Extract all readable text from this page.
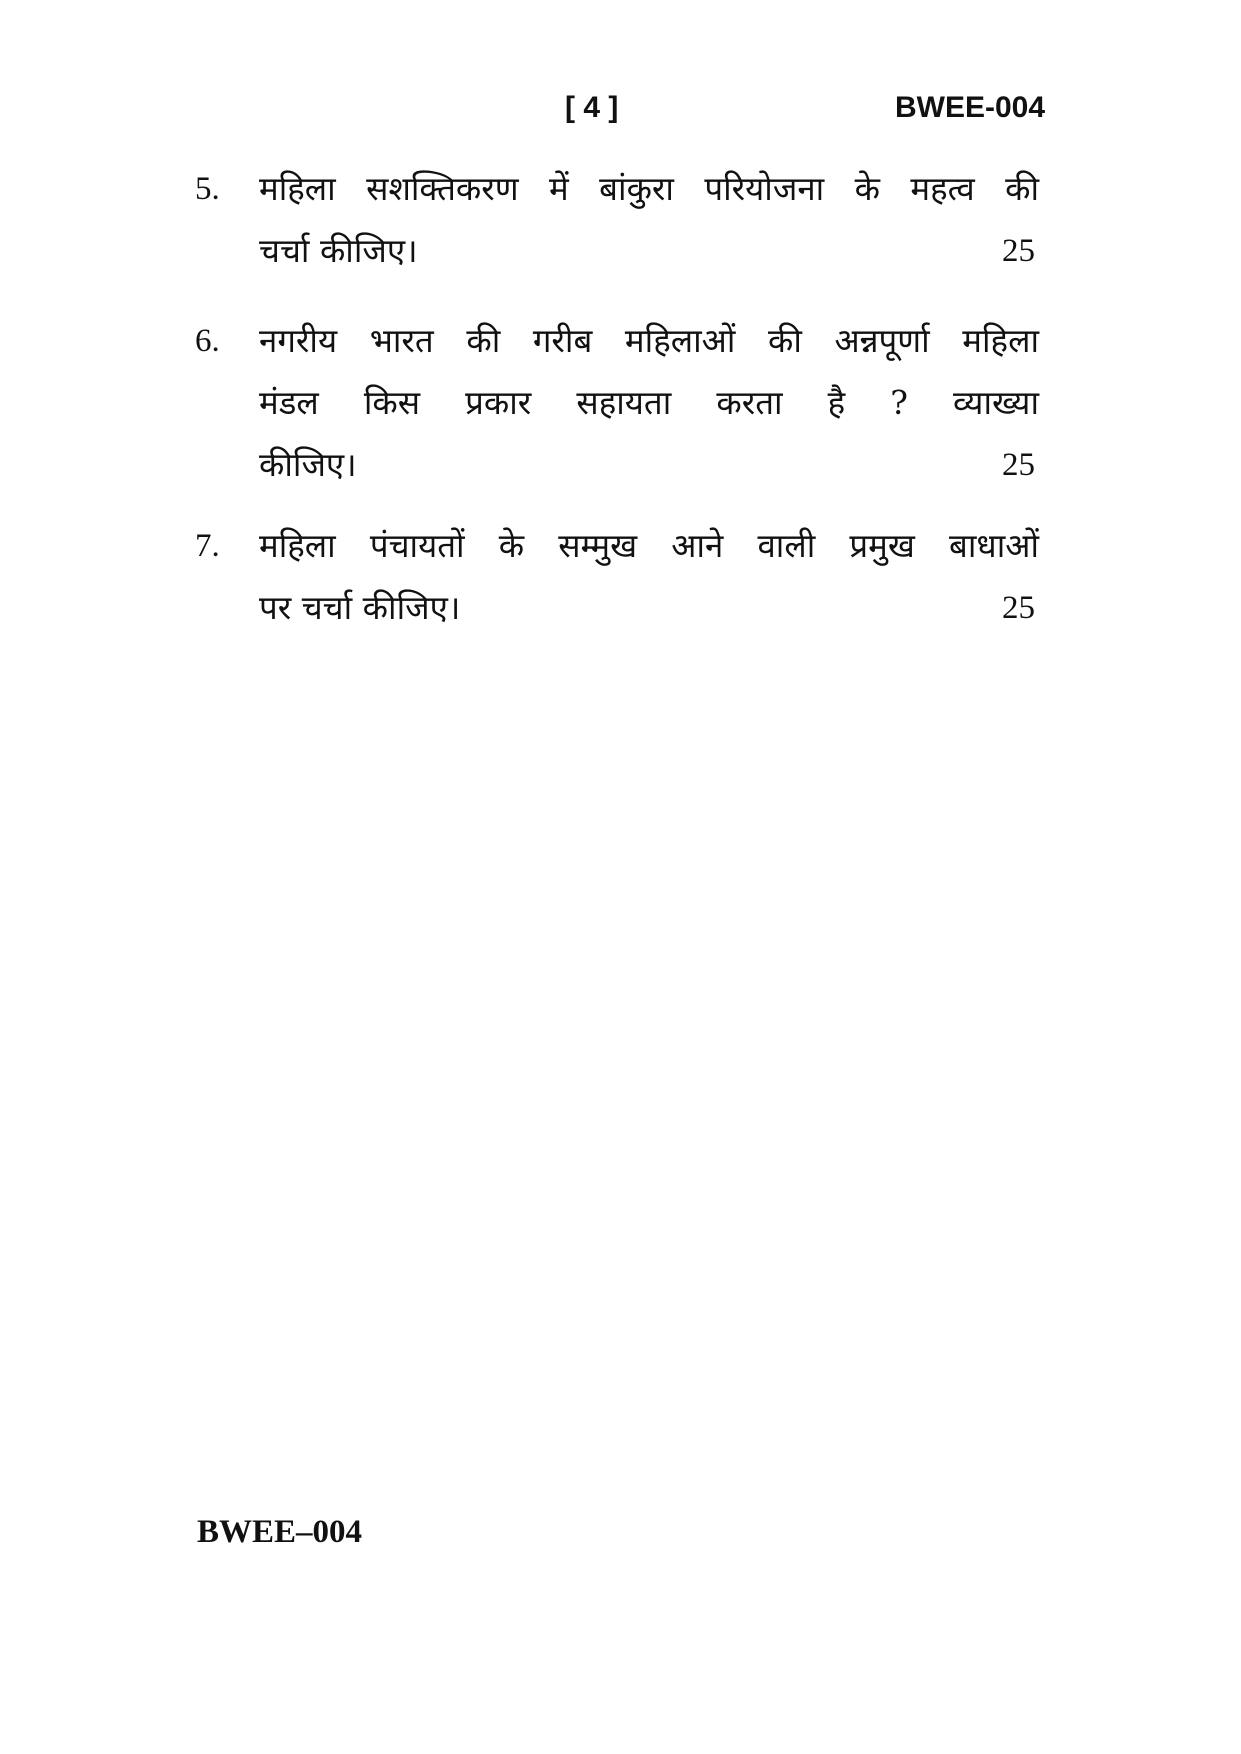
[ 4 ]	BWEE-004
5. महिला सशक्तिकरण में बांकुरा परियोजना के महत्व की
चर्चा कीजिए।	25
6. नगरीय भारत की गरीब महिलाओं की अन्नपूर्णा महिला
मंडल किस प्रकार सहायता करता है ? व्याख्या
कीजिए।	25
7. महिला पंचायतों के सम्मुख आने वाली प्रमुख बाधाओं
पर चर्चा कीजिए।	25
BWEE–004
